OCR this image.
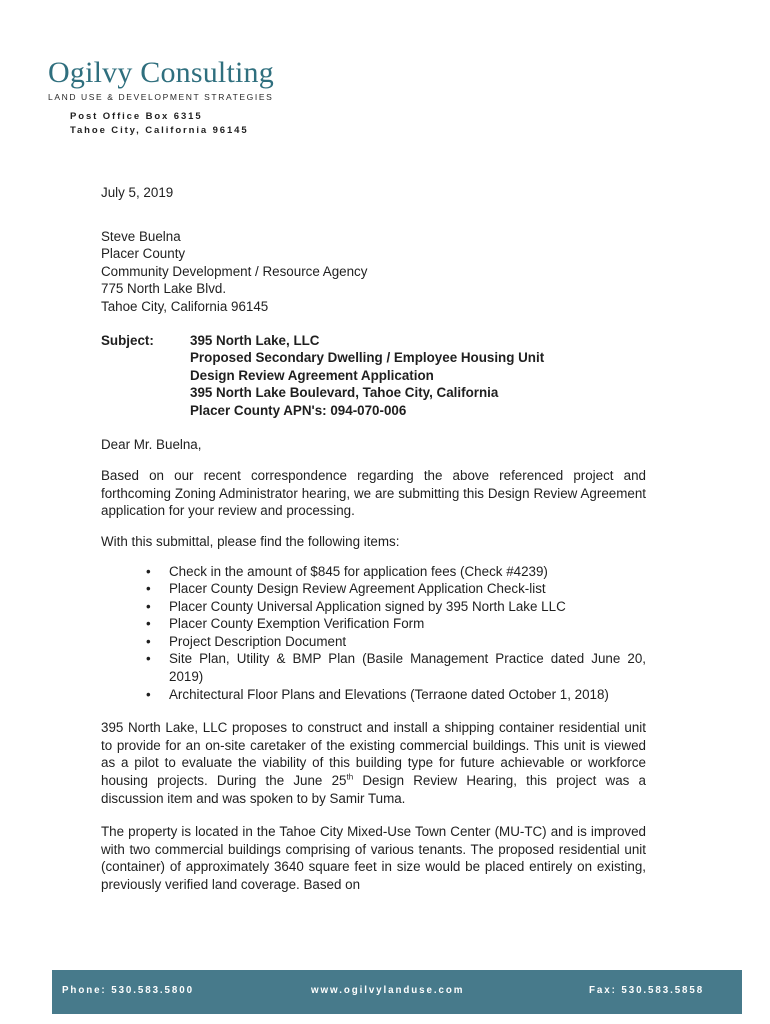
Ogilvy Consulting
LAND USE & DEVELOPMENT STRATEGIES
Post Office Box 6315
Tahoe City, California 96145
July 5, 2019
Steve Buelna
Placer County
Community Development / Resource Agency
775 North Lake Blvd.
Tahoe City, California 96145
Subject:	395 North Lake, LLC
Proposed Secondary Dwelling / Employee Housing Unit
Design Review Agreement Application
395 North Lake Boulevard, Tahoe City, California
Placer County APN's: 094-070-006

Dear Mr. Buelna,

Based on our recent correspondence regarding the above referenced project and forthcoming Zoning Administrator hearing, we are submitting this Design Review Agreement application for your review and processing.

With this submittal, please find the following items:

• Check in the amount of $845 for application fees (Check #4239)
• Placer County Design Review Agreement Application Check-list
• Placer County Universal Application signed by 395 North Lake LLC
• Placer County Exemption Verification Form
• Project Description Document
• Site Plan, Utility & BMP Plan (Basile Management Practice dated June 20, 2019)
• Architectural Floor Plans and Elevations (Terraone dated October 1, 2018)

395 North Lake, LLC proposes to construct and install a shipping container residential unit to provide for an on-site caretaker of the existing commercial buildings. This unit is viewed as a pilot to evaluate the viability of this building type for future achievable or workforce housing projects. During the June 25th Design Review Hearing, this project was a discussion item and was spoken to by Samir Tuma.

The property is located in the Tahoe City Mixed-Use Town Center (MU-TC) and is improved with two commercial buildings comprising of various tenants. The proposed residential unit (container) of approximately 3640 square feet in size would be placed entirely on existing, previously verified land coverage. Based on

Phone: 530.583.5800	www.ogilvylanduse.com	Fax: 530.583.5858
